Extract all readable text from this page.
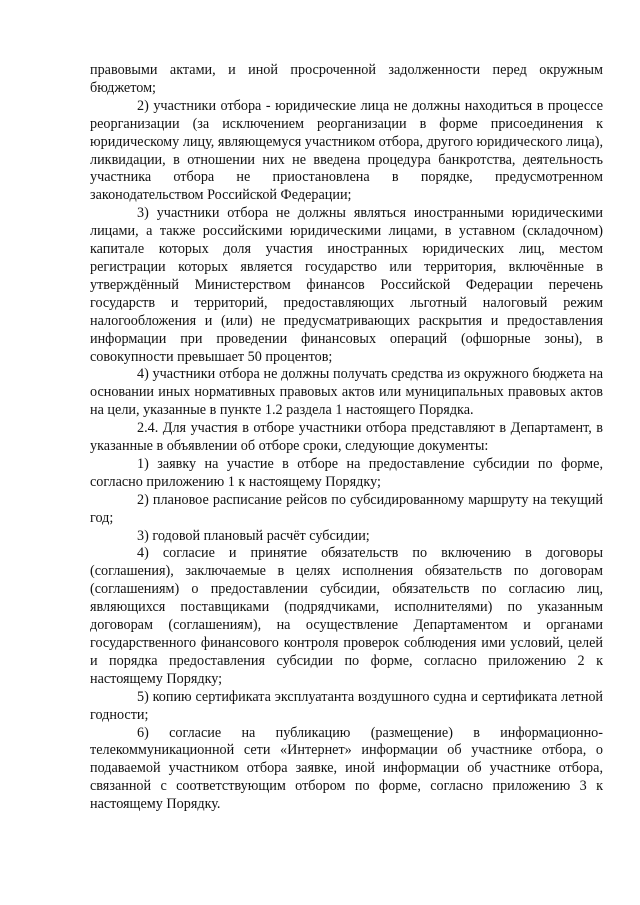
правовыми актами, и иной просроченной задолженности перед окружным бюджетом;

2) участники отбора - юридические лица не должны находиться в процессе реорганизации (за исключением реорганизации в форме присоединения к юридическому лицу, являющемуся участником отбора, другого юридического лица), ликвидации, в отношении них не введена процедура банкротства, деятельность участника отбора не приостановлена в порядке, предусмотренном законодательством Российской Федерации;

3) участники отбора не должны являться иностранными юридическими лицами, а также российскими юридическими лицами, в уставном (складочном) капитале которых доля участия иностранных юридических лиц, местом регистрации которых является государство или территория, включённые в утверждённый Министерством финансов Российской Федерации перечень государств и территорий, предоставляющих льготный налоговый режим налогообложения и (или) не предусматривающих раскрытия и предоставления информации при проведении финансовых операций (офшорные зоны), в совокупности превышает 50 процентов;

4) участники отбора не должны получать средства из окружного бюджета на основании иных нормативных правовых актов или муниципальных правовых актов на цели, указанные в пункте 1.2 раздела 1 настоящего Порядка.

2.4. Для участия в отборе участники отбора представляют в Департамент, в указанные в объявлении об отборе сроки, следующие документы:

1) заявку на участие в отборе на предоставление субсидии по форме, согласно приложению 1 к настоящему Порядку;

2) плановое расписание рейсов по субсидированному маршруту на текущий год;

3) годовой плановый расчёт субсидии;

4) согласие и принятие обязательств по включению в договоры (соглашения), заключаемые в целях исполнения обязательств по договорам (соглашениям) о предоставлении субсидии, обязательств по согласию лиц, являющихся поставщиками (подрядчиками, исполнителями) по указанным договорам (соглашениям), на осуществление Департаментом и органами государственного финансового контроля проверок соблюдения ими условий, целей и порядка предоставления субсидии по форме, согласно приложению 2 к настоящему Порядку;

5) копию сертификата эксплуатанта воздушного судна и сертификата летной годности;

6) согласие на публикацию (размещение) в информационно-телекоммуникационной сети «Интернет» информации об участнике отбора, о подаваемой участником отбора заявке, иной информации об участнике отбора, связанной с соответствующим отбором по форме, согласно приложению 3 к настоящему Порядку.
